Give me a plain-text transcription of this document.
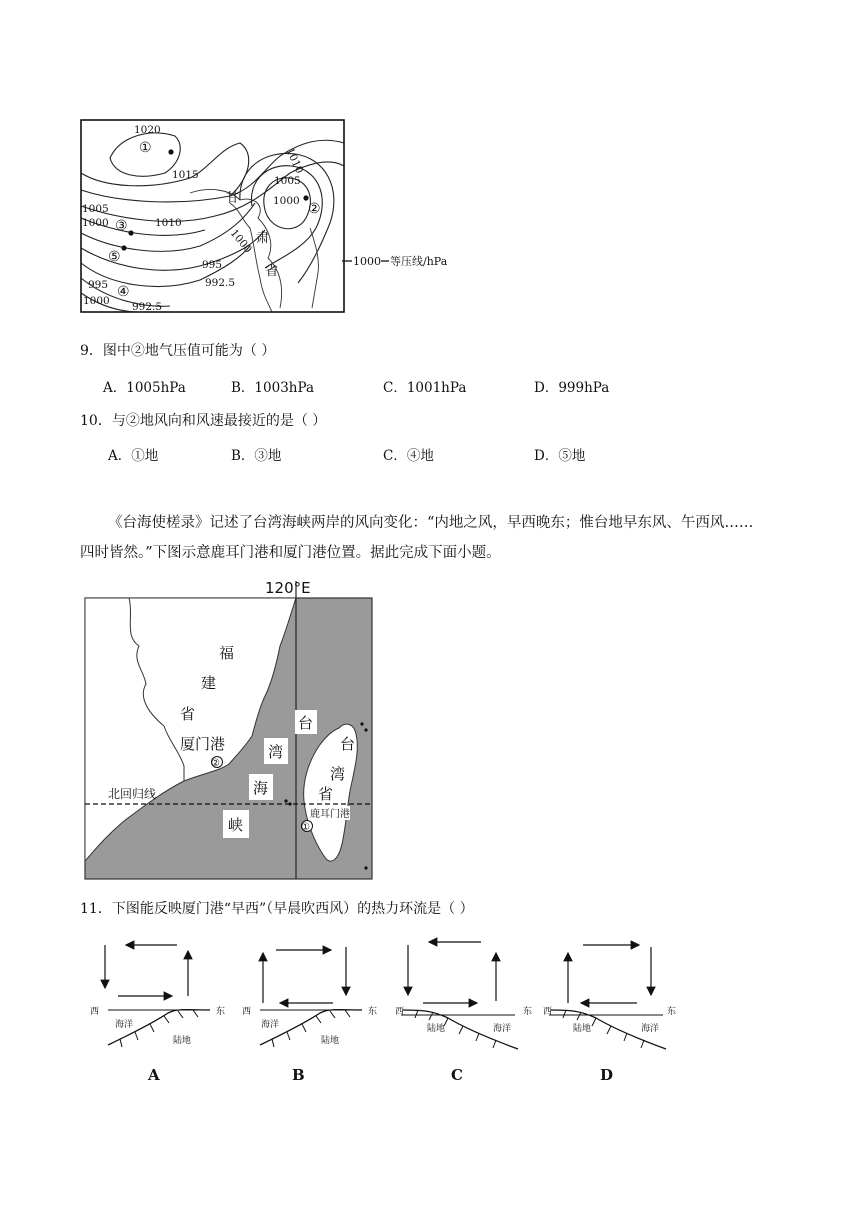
1020
1015
1010
1010
1005
1005
1000
1000
1000
995
992.5
995
1000 992.5
①
②
③
④
⑤
甘
肃
省
1000 等压线/hPa
9．图中②地气压值可能为（ ）
A．1005hPa	B．1003hPa	C．1001hPa	D．999hPa
10．与②地风向和风速最接近的是（ ）
A．①地	B．③地	C．④地	D．⑤地
《台海使槎录》记述了台湾海峡两岸的风向变化：“内地之风，早西晚东；惟台地早东风、午西风……
四时皆然。”下图示意鹿耳门港和厦门港位置。据此完成下面小题。
120°E
福
建
省
厦门港
②
台
湾
海
峡
台
湾
省
鹿耳门港
①
北回归线
11．下图能反映厦门港“早西”（早晨吹西风）的热力环流是（ ）
西	东
海洋
陆地
A
西	东
海洋
陆地
B
西	东
陆地	海洋
C
西	东
陆地	海洋
D
